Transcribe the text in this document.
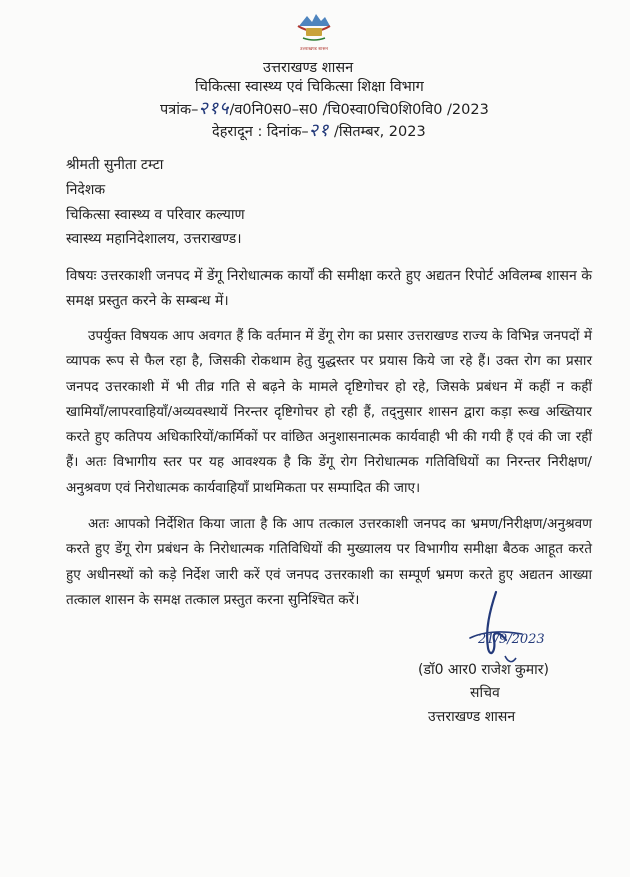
उत्तराखण्ड शासन
उत्तराखण्ड शासन
चिकित्सा स्वास्थ्य एवं चिकित्सा शिक्षा विभाग
पत्रांक–२१५/व0नि0स0–स0 /चि0स्वा0चि0शि0वि0 /2023
देहरादून : दिनांक–२१ /सितम्बर, 2023
श्रीमती सुनीता टम्टा
निदेशक
चिकित्सा स्वास्थ्य व परिवार कल्याण
स्वास्थ्य महानिदेशालय, उत्तराखण्ड।
विषयः उत्तरकाशी जनपद में डेंगू निरोधात्मक कार्यों की समीक्षा करते हुए अद्यतन रिपोर्ट अविलम्ब शासन के समक्ष प्रस्तुत करने के सम्बन्ध में।
उपर्युक्त विषयक आप अवगत हैं कि वर्तमान में डेंगू रोग का प्रसार उत्तराखण्ड राज्य के विभिन्न जनपदों में व्यापक रूप से फैल रहा है, जिसकी रोकथाम हेतु युद्धस्तर पर प्रयास किये जा रहे हैं। उक्त रोग का प्रसार जनपद उत्तरकाशी में भी तीव्र गति से बढ़ने के मामले दृष्टिगोचर हो रहे, जिसके प्रबंधन में कहीं न कहीं खामियाँ/लापरवाहियाँ/अव्यवस्थायें निरन्तर दृष्टिगोचर हो रही हैं, तद्नुसार शासन द्वारा कड़ा रूख अख्तियार करते हुए कतिपय अधिकारियों/कार्मिकों पर वांछित अनुशासनात्मक कार्यवाही भी की गयी हैं एवं की जा रहीं हैं। अतः विभागीय स्तर पर यह आवश्यक है कि डेंगू रोग निरोधात्मक गतिविधियों का निरन्तर निरीक्षण/अनुश्रवण एवं निरोधात्मक कार्यवाहियाँ प्राथमिकता पर सम्पादित की जाए।
अतः आपको निर्देशित किया जाता है कि आप तत्काल उत्तरकाशी जनपद का भ्रमण/निरीक्षण/अनुश्रवण करते हुए डेंगू रोग प्रबंधन के निरोधात्मक गतिविधियों की मुख्यालय पर विभागीय समीक्षा बैठक आहूत करते हुए अधीनस्थों को कड़े निर्देश जारी करें एवं जनपद उत्तरकाशी का सम्पूर्ण भ्रमण करते हुए अद्यतन आख्या तत्काल शासन के समक्ष तत्काल प्रस्तुत करना सुनिश्चित करें।
21/9/2023
(डॉ0 आर0 राजेश कुमार)
सचिव
उत्तराखण्ड शासन
